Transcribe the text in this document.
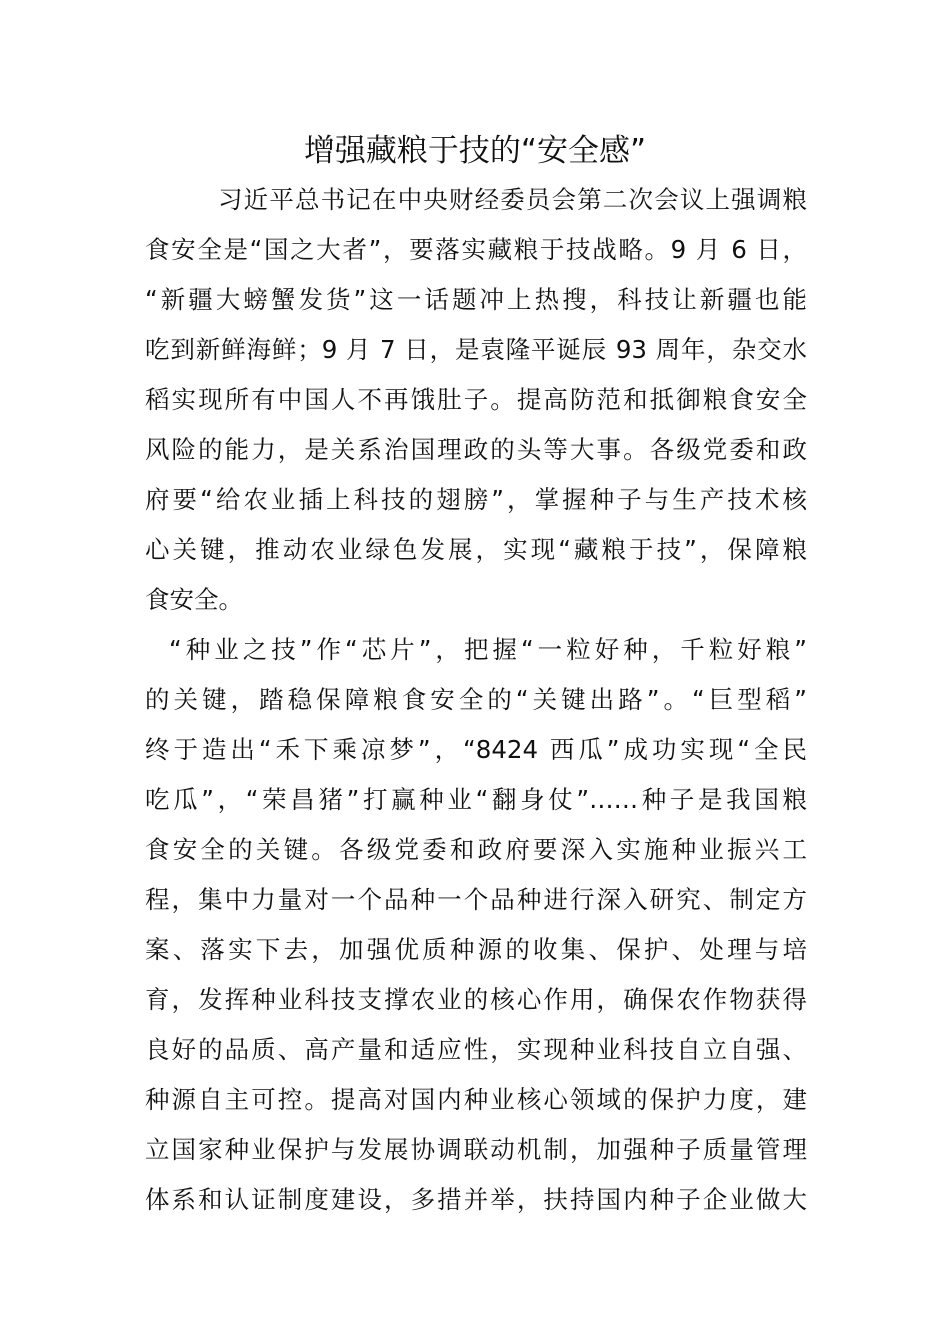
增强藏粮于技的“安全感”
习近平总书记在中央财经委员会第二次会议上强调粮
食安全是“国之大者”，要落实藏粮于技战略。9 月 6 日，
“新疆大螃蟹发货”这一话题冲上热搜，科技让新疆也能
吃到新鲜海鲜；9 月 7 日，是袁隆平诞辰 93 周年，杂交水
稻实现所有中国人不再饿肚子。提高防范和抵御粮食安全
风险的能力，是关系治国理政的头等大事。各级党委和政
府要“给农业插上科技的翅膀”，掌握种子与生产技术核
心关键，推动农业绿色发展，实现“藏粮于技”，保障粮
食安全。
“种业之技”作“芯片”，把握“一粒好种，千粒好粮”
的关键，踏稳保障粮食安全的“关键出路”。“巨型稻”
终于造出“禾下乘凉梦”，“8424 西瓜”成功实现“全民
吃瓜”，“荣昌猪”打赢种业“翻身仗”……种子是我国粮
食安全的关键。各级党委和政府要深入实施种业振兴工
程，集中力量对一个品种一个品种进行深入研究、制定方
案、落实下去，加强优质种源的收集、保护、处理与培
育，发挥种业科技支撑农业的核心作用，确保农作物获得
良好的品质、高产量和适应性，实现种业科技自立自强、
种源自主可控。提高对国内种业核心领域的保护力度，建
立国家种业保护与发展协调联动机制，加强种子质量管理
体系和认证制度建设，多措并举，扶持国内种子企业做大
